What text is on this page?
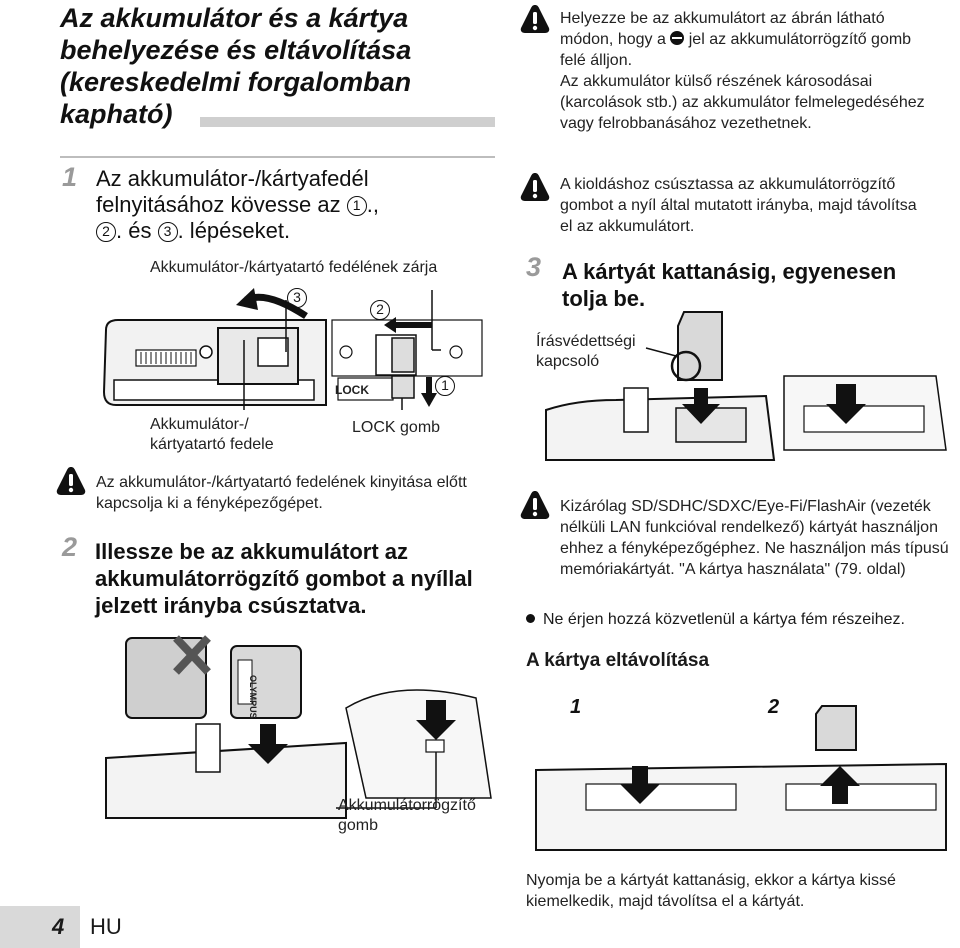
Az akkumulátor és a kártya behelyezése és eltávolítása (kereskedelmi forgalomban kapható)
1 Az akkumulátor-/kártyafedél felnyitásához kövesse az 1 .,
2 . és 3 . lépéseket.
Akkumulátor-/kártyatartó fedélének zárja
LOCK
3
2
1
Akkumulátor-/ kártyatartó fedele
LOCK gomb
Az akkumulátor-/kártyatartó fedelének kinyitása előtt kapcsolja ki a fényképezőgépet.
2 Illessze be az akkumulátort az akkumulátorrögzítő gombot a nyíllal jelzett irányba csúsztatva.
OLYMPUS
Akkumulátorrögzítő gomb
4 HU
Helyezze be az akkumulátort az ábrán látható módon, hogy a
jel az akkumulátorrögzítő gomb felé álljon.
Az akkumulátor külső részének károsodásai (karcolások stb.) az akkumulátor felmelegedéséhez vagy felrobbanásához vezethetnek.
A kioldáshoz csúsztassa az akkumulátorrögzítő gombot a nyíl által mutatott irányba, majd távolítsa el az akkumulátort.
3 A kártyát kattanásig, egyenesen tolja be.
Írásvédettségi kapcsoló
Kizárólag SD/SDHC/SDXC/Eye-Fi/FlashAir (vezeték nélküli LAN funkcióval rendelkező) kártyát használjon ehhez a fényképezőgéphez. Ne használjon más típusú memóriakártyát. "A kártya használata" (79. oldal)
Ne érjen hozzá közvetlenül a kártya fém részeihez.
A kártya eltávolítása
1	2
Nyomja be a kártyát kattanásig, ekkor a kártya kissé kiemelkedik, majd távolítsa el a kártyát.
